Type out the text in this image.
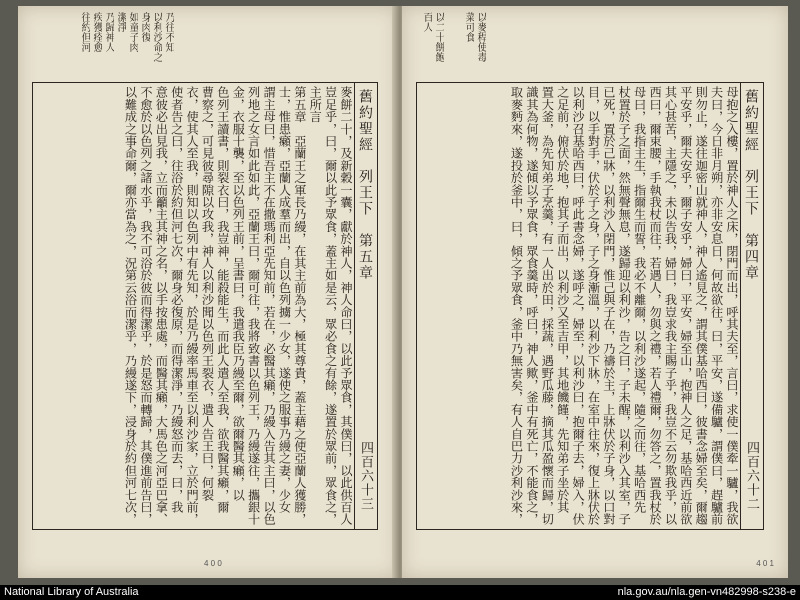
乃往不知
以利沙命之
身肉復
如童子肉
潔淨
乃歸神人
疾獲痊愈
往約但河
舊約聖經　列王下　第五章
四百六十三
麥餅二十，及新穀一囊，獻於神人，神人命曰，以此予眾食，其僕曰，以此供百人
豈足乎，曰，爾以此予眾食，蓋主如是云，眾必食之有餘，遂置於眾前，眾食之，
主所言
第五章　亞蘭王之軍長乃縵，在其主前為大，極其尊貴，蓋主藉之使亞蘭人獲勝，
士，惟患癩，亞蘭人成羣而出，自以色列擄一少女，遂使之服事乃縵之妻，少女
謂主母曰，惜吾主不在撒瑪利亞先知前，若在，必醫其癩，乃縵入告其主曰，以色
列地之女言如此如此，亞蘭王曰，爾可往，我將致書以色列王，乃縵遂往，攜銀十
金，衣服十襲，至以色列王前，呈書曰，我遣我臣乃縵至爾，欲爾醫其癩，以
色列王讀書，則裂衣曰，我豈神，能殺能生，而此人遣人至我，欲我醫其癩，爾
曹察之，可見彼尋隙以攻我，神人以利沙聞以色列王裂衣，遣人告王曰，何裂
衣，使其人至我，則知以色列中有先知，於是乃縵率馬車至以利沙家，立於門前，
使者告之曰，往浴於約但河七次，爾身必復原，而得潔淨，乃縵怒而去，曰，我
意彼必出見我，立而籲主其神之名，以手按患處，而醫其癩，大馬色之河亞巴拿、
不愈於以色列之諸水乎，我不可浴於彼而得潔乎，於是怒而轉歸，其僕進前告曰，
以難成之事命爾，爾亦當為之，況第云浴而潔乎，乃縵遂下，浸身於約但河七次，
4 0 0
以二十餅飽
百人	以麥稈使毒
菜可食
舊約聖經　列王下　第四章
四百六十二
母抱之入樓，置於神人之床，閉門而出，呼其夫至，言曰，求使一僕牽一驢，我欲
夫曰，今日非月朔，亦非安息日，何故欲往，曰，平安，遂備驢，謂僕曰，趕驢前
則勿止，遂往迦密山就神人，神人遙見之，謂其僕基哈西曰，彼書念婦至矣，爾趨
平安乎，爾夫安乎，爾子安乎，婦曰，平安，婦至山，抱神人之足，基哈西近前欲
其心甚苦，主隱之，未以告我，婦曰，我豈求我主賜子乎，我豈不云勿欺我乎，以
西曰，爾束腰，手執我杖而往，若遇人，勿與之禮，若人禮爾，勿答之，置我杖於
母曰，我指主生，指爾生而誓，我必不離爾，以利沙遂起，隨之而往，基哈西先
杖置於子之面，然無聲無息，遂歸迎以利沙，告之曰，子未醒，以利沙入其室，子
已死，置於己牀，以利沙入閉門，惟己與子在，乃禱於主，上牀伏於子身，以口對
目，以手對手，伏於子之身，子之身漸溫，以利沙下牀，在室中往來，復上牀伏於
以利沙召基哈西曰，呼此書念婦，遂呼之，婦至，以利沙曰，抱爾子去，婦入，伏
之足前，俯伏於地，抱其子而出，以利沙又至吉甲，其地饑饉，先知弟子坐於其
置大釜，為先知弟子烹羹，有一人出於田，採蔬，遇野瓜藤，摘其瓜盈懷而歸，切
識其為何物，遂傾以予眾食，眾食羹時，呼曰，神人歟，釜中有死亡，不能食之，
取麥麪來，遂投於釜中，曰，傾之予眾食，釜中乃無害矣，有人自巴力沙利沙來，
4 0 1
National Library of Australia	nla.gov.au/nla.gen-vn482998-s238-e
